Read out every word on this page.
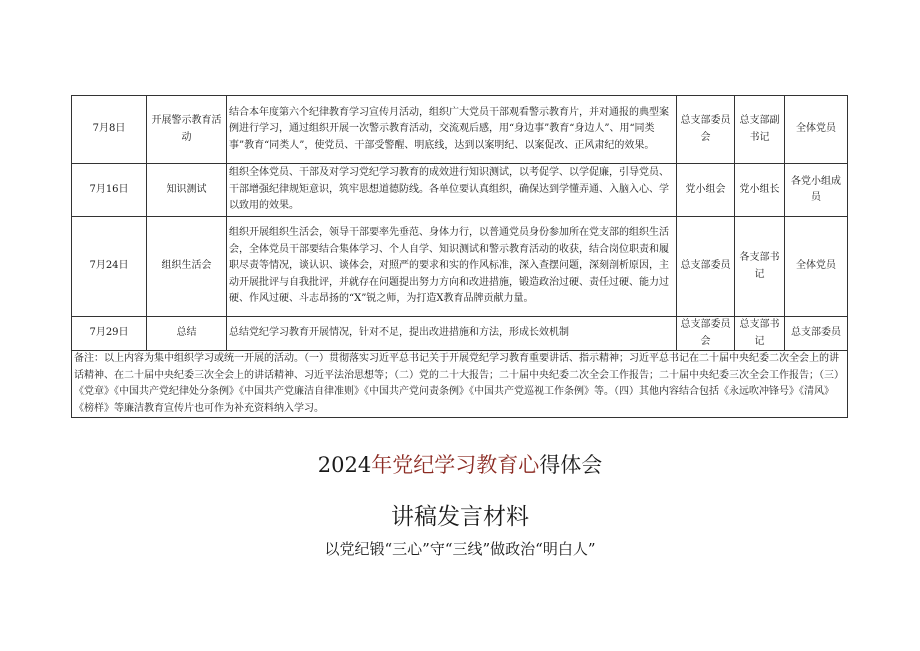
7月8日	开展警示教育活动	结合本年度第六个纪律教育学习宣传月活动，组织广大党员干部观看警示教育片，并对通报的典型案例进行学习，通过组织开展一次警示教育活动，交流观后感，用“身边事”教育“身边人”、用“同类事”教育“同类人”，使党员、干部受警醒、明底线，达到以案明纪、以案促改、正风肃纪的效果。	总支部委员会	总支部副书记	全体党员
7月16日	知识测试	组织全体党员、干部及对学习党纪学习教育的成效进行知识测试，以考促学、以学促廉，引导党员、干部增强纪律规矩意识，筑牢思想道德防线。各单位要认真组织，确保达到学懂弄通、入脑入心、学以致用的效果。	党小组会	党小组长	各党小组成员
7月24日	组织生活会	组织开展组织生活会，领导干部要率先垂范、身体力行，以普通党员身份参加所在党支部的组织生活会，全体党员干部要结合集体学习、个人自学、知识测试和警示教育活动的收获，结合岗位职责和履职尽责等情况，谈认识、谈体会，对照严的要求和实的作风标准，深入查摆问题，深刻剖析原因，主动开展批评与自我批评，并就存在问题提出努力方向和改进措施，锻造政治过硬、责任过硬、能力过硬、作风过硬、斗志昂扬的“X”锐之师，为打造X教育品牌贡献力量。	总支部委员	各支部书记	全体党员
7月29日	总结	总结党纪学习教育开展情况，针对不足，提出改进措施和方法，形成长效机制	总支部委员会	总支部书记	总支部委员
备注：以上内容为集中组织学习或统一开展的活动。（一）贯彻落实习近平总书记关于开展党纪学习教育重要讲话、指示精神；习近平总书记在二十届中央纪委二次全会上的讲话精神、在二十届中央纪委三次全会上的讲话精神、习近平法治思想等；（二）党的二十大报告；二十届中央纪委二次全会工作报告；二十届中央纪委三次全会工作报告；（三）《党章》《中国共产党纪律处分条例》《中国共产党廉洁自律准则》《中国共产党问责条例》《中国共产党巡视工作条例》等。（四）其他内容结合包括《永远吹冲锋号》《清风》《榜样》等廉洁教育宣传片也可作为补充资料纳入学习。					
2024年党纪学习教育心得体会
讲稿发言材料
以党纪锻“三心”守“三线”做政治“明白人”
